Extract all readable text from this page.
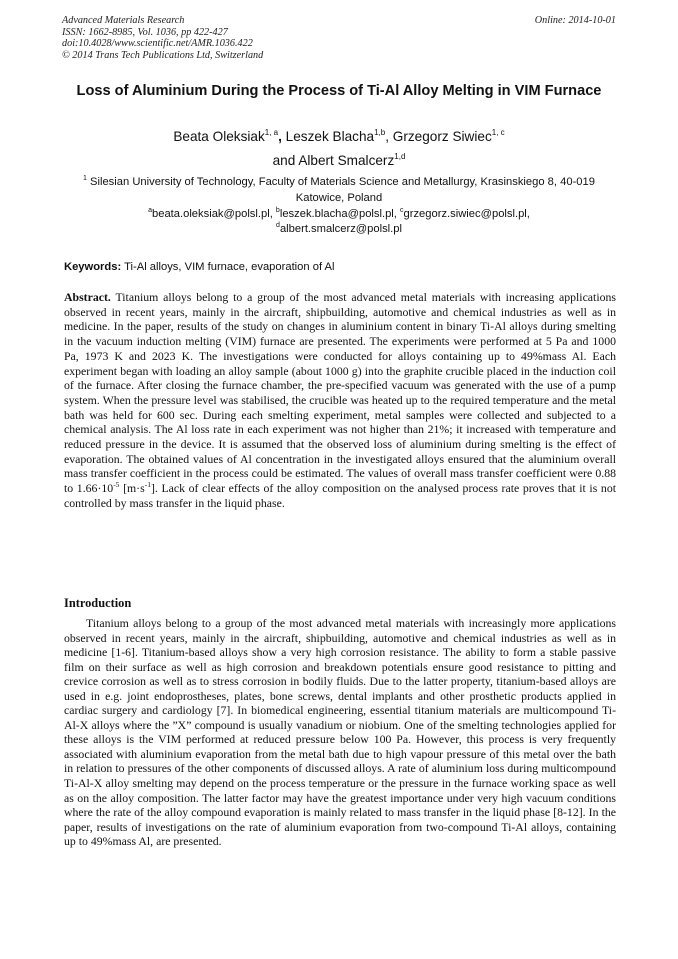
Advanced Materials Research
ISSN: 1662-8985, Vol. 1036, pp 422-427
doi:10.4028/www.scientific.net/AMR.1036.422
© 2014 Trans Tech Publications Ltd, Switzerland
Online: 2014-10-01
Loss of Aluminium During the Process of Ti-Al Alloy Melting in VIM Furnace
Beata Oleksiak$^{1, a}$, Leszek Blacha$^{1,b}$, Grzegorz Siwiec$^{1, c}$
and Albert Smalcerz$^{1,d}$
$^1$ Silesian University of Technology, Faculty of Materials Science and Metallurgy, Krasinskiego 8, 40-019 Katowice, Poland
$^a$beata.oleksiak@polsl.pl, $^b$leszek.blacha@polsl.pl, $^c$grzegorz.siwiec@polsl.pl,
$^d$albert.smalcerz@polsl.pl
Keywords: Ti-Al alloys, VIM furnace, evaporation of Al

Abstract. Titanium alloys belong to a group of the most advanced metal materials with increasing applications observed in recent years, mainly in the aircraft, shipbuilding, automotive and chemical industries as well as in medicine. In the paper, results of the study on changes in aluminium content in binary Ti-Al alloys during smelting in the vacuum induction melting (VIM) furnace are presented. The experiments were performed at 5 Pa and 1000 Pa, 1973 K and 2023 K. The investigations were conducted for alloys containing up to 49%mass Al. Each experiment began with loading an alloy sample (about 1000 g) into the graphite crucible placed in the induction coil of the furnace. After closing the furnace chamber, the pre-specified vacuum was generated with the use of a pump system. When the pressure level was stabilised, the crucible was heated up to the required temperature and the metal bath was held for 600 sec. During each smelting experiment, metal samples were collected and subjected to a chemical analysis. The Al loss rate in each experiment was not higher than 21%; it increased with temperature and reduced pressure in the device. It is assumed that the observed loss of aluminium during smelting is the effect of evaporation. The obtained values of Al concentration in the investigated alloys ensured that the aluminium overall mass transfer coefficient in the process could be estimated. The values of overall mass transfer coefficient were 0.88 to $1.66\cdot 10^{-5}$ $[m\cdot s^{-1}]$. Lack of clear effects of the alloy composition on the analysed process rate proves that it is not controlled by mass transfer in the liquid phase.

Introduction

Titanium alloys belong to a group of the most advanced metal materials with increasingly more applications observed in recent years, mainly in the aircraft, shipbuilding, automotive and chemical industries as well as in medicine [1-6]. Titanium-based alloys show a very high corrosion resistance. The ability to form a stable passive film on their surface as well as high corrosion and breakdown potentials ensure good resistance to pitting and crevice corrosion as well as to stress corrosion in bodily fluids. Due to the latter property, titanium-based alloys are used in e.g. joint endoprostheses, plates, bone screws, dental implants and other prosthetic products applied in cardiac surgery and cardiology [7]. In biomedical engineering, essential titanium materials are multicompound Ti-Al-X alloys where the ”X” compound is usually vanadium or niobium. One of the smelting technologies applied for these alloys is the VIM performed at reduced pressure below 100 Pa. However, this process is very frequently associated with aluminium evaporation from the metal bath due to high vapour pressure of this metal over the bath in relation to pressures of the other components of discussed alloys. A rate of aluminium loss during multicompound Ti-Al-X alloy smelting may depend on the process temperature or the pressure in the furnace working space as well as on the alloy composition. The latter factor may have the greatest importance under very high vacuum conditions where the rate of the alloy compound evaporation is mainly related to mass transfer in the liquid phase [8-12]. In the paper, results of investigations on the rate of aluminium evaporation from two-compound Ti-Al alloys, containing up to 49%mass Al, are presented.
